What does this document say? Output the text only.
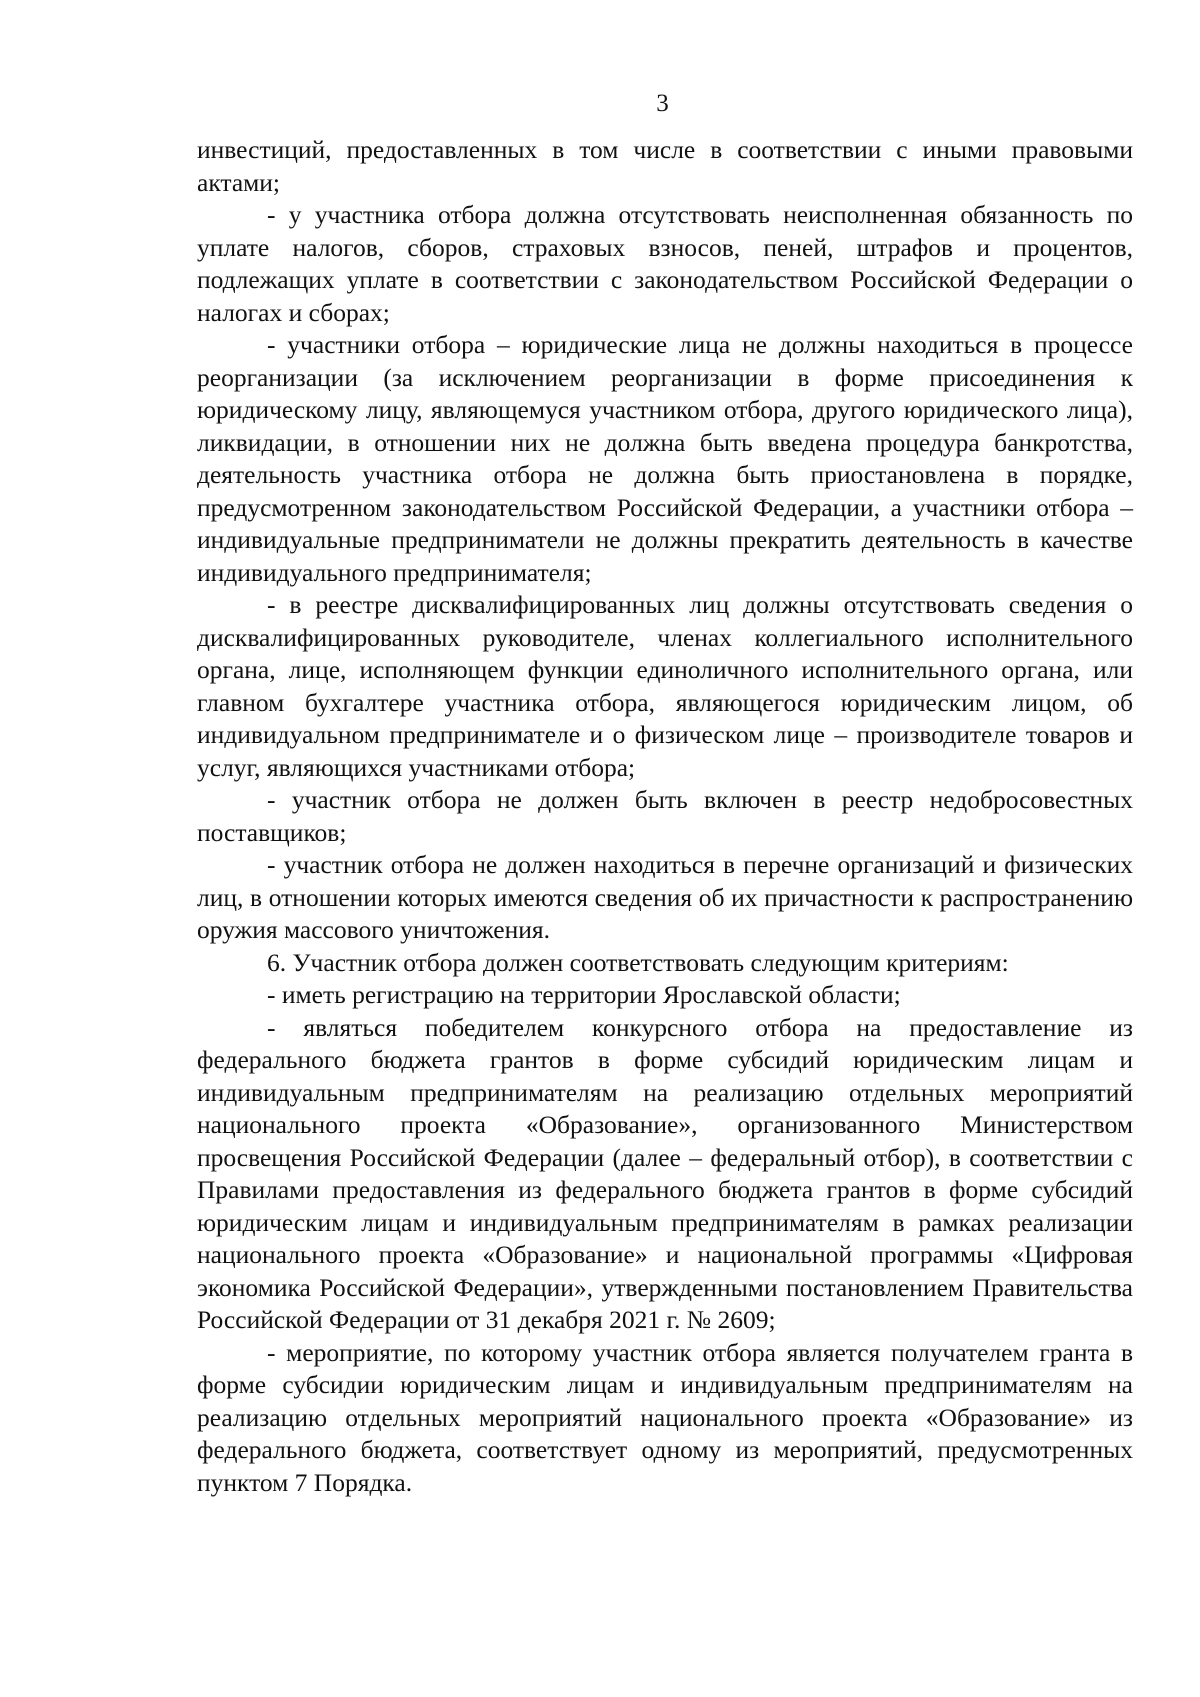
3

инвестиций, предоставленных в том числе в соответствии с иными правовыми актами;

- у участника отбора должна отсутствовать неисполненная обязанность по уплате налогов, сборов, страховых взносов, пеней, штрафов и процентов, подлежащих уплате в соответствии с законодательством Российской Федерации о налогах и сборах;

- участники отбора – юридические лица не должны находиться в процессе реорганизации (за исключением реорганизации в форме присоединения к юридическому лицу, являющемуся участником отбора, другого юридического лица), ликвидации, в отношении них не должна быть введена процедура банкротства, деятельность участника отбора не должна быть приостановлена в порядке, предусмотренном законодательством Российской Федерации, а участники отбора – индивидуальные предприниматели не должны прекратить деятельность в качестве индивидуального предпринимателя;

- в реестре дисквалифицированных лиц должны отсутствовать сведения о дисквалифицированных руководителе, членах коллегиального исполнительного органа, лице, исполняющем функции единоличного исполнительного органа, или главном бухгалтере участника отбора, являющегося юридическим лицом, об индивидуальном предпринимателе и о физическом лице – производителе товаров и услуг, являющихся участниками отбора;

- участник отбора не должен быть включен в реестр недобросовестных поставщиков;

- участник отбора не должен находиться в перечне организаций и физических лиц, в отношении которых имеются сведения об их причастности к распространению оружия массового уничтожения.

6. Участник отбора должен соответствовать следующим критериям:

- иметь регистрацию на территории Ярославской области;

- являться победителем конкурсного отбора на предоставление из федерального бюджета грантов в форме субсидий юридическим лицам и индивидуальным предпринимателям на реализацию отдельных мероприятий национального проекта «Образование», организованного Министерством просвещения Российской Федерации (далее – федеральный отбор), в соответствии с Правилами предоставления из федерального бюджета грантов в форме субсидий юридическим лицам и индивидуальным предпринимателям в рамках реализации национального проекта «Образование» и национальной программы «Цифровая экономика Российской Федерации», утвержденными постановлением Правительства Российской Федерации от 31 декабря 2021 г. № 2609;

- мероприятие, по которому участник отбора является получателем гранта в форме субсидии юридическим лицам и индивидуальным предпринимателям на реализацию отдельных мероприятий национального проекта «Образование» из федерального бюджета, соответствует одному из мероприятий, предусмотренных пунктом 7 Порядка.
